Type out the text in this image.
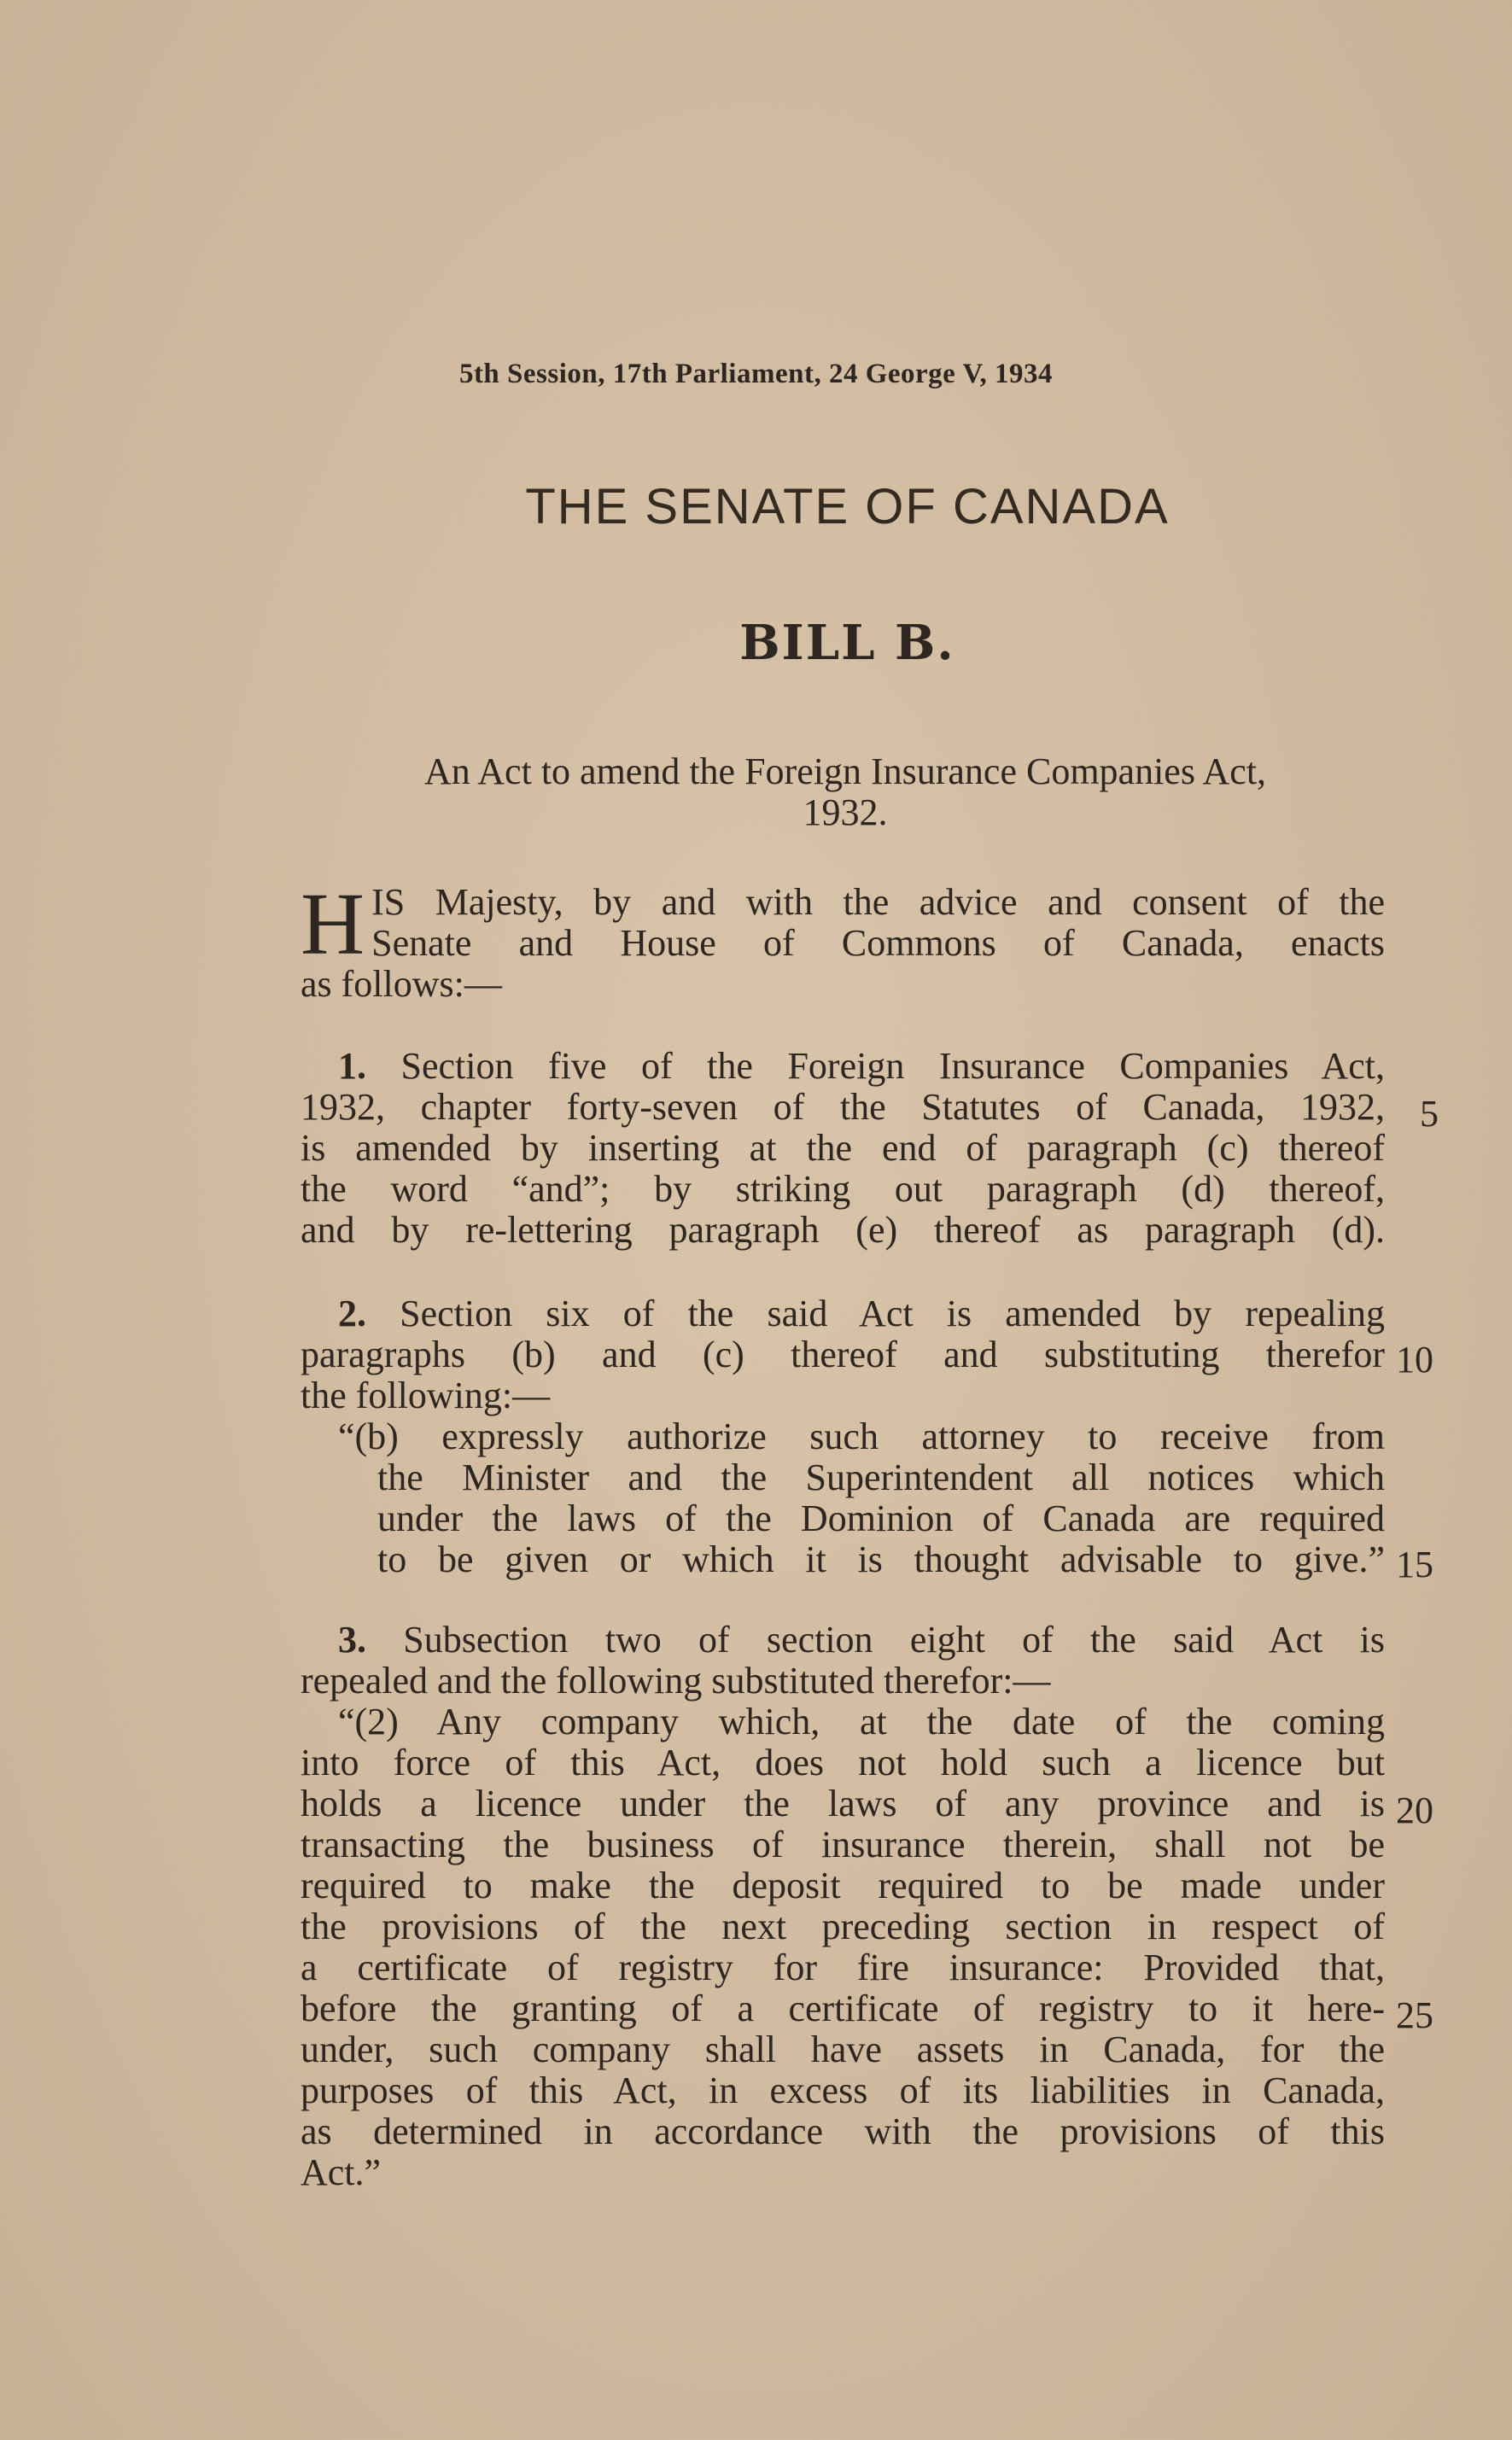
5th Session, 17th Parliament, 24 George V, 1934
THE SENATE OF CANADA
BILL B.
An Act to amend the Foreign Insurance Companies Act,
1932.
H IS Majesty, by and with the advice and consent of the
Senate and House of Commons of Canada, enacts
as follows:—
1. Section five of the Foreign Insurance Companies Act,
1932, chapter forty-seven of the Statutes of Canada, 1932,
is amended by inserting at the end of paragraph (c) thereof
the word “and”; by striking out paragraph (d) thereof,
and by re-lettering paragraph (e) thereof as paragraph (d).
2. Section six of the said Act is amended by repealing
paragraphs (b) and (c) thereof and substituting therefor
the following:—
“(b) expressly authorize such attorney to receive from
the Minister and the Superintendent all notices which
under the laws of the Dominion of Canada are required
to be given or which it is thought advisable to give.”
3. Subsection two of section eight of the said Act is
repealed and the following substituted therefor:—
“(2) Any company which, at the date of the coming
into force of this Act, does not hold such a licence but
holds a licence under the laws of any province and is
transacting the business of insurance therein, shall not be
required to make the deposit required to be made under
the provisions of the next preceding section in respect of
a certificate of registry for fire insurance: Provided that,
before the granting of a certificate of registry to it here-
under, such company shall have assets in Canada, for the
purposes of this Act, in excess of its liabilities in Canada,
as determined in accordance with the provisions of this
Act.”
5
10
15
20
25
